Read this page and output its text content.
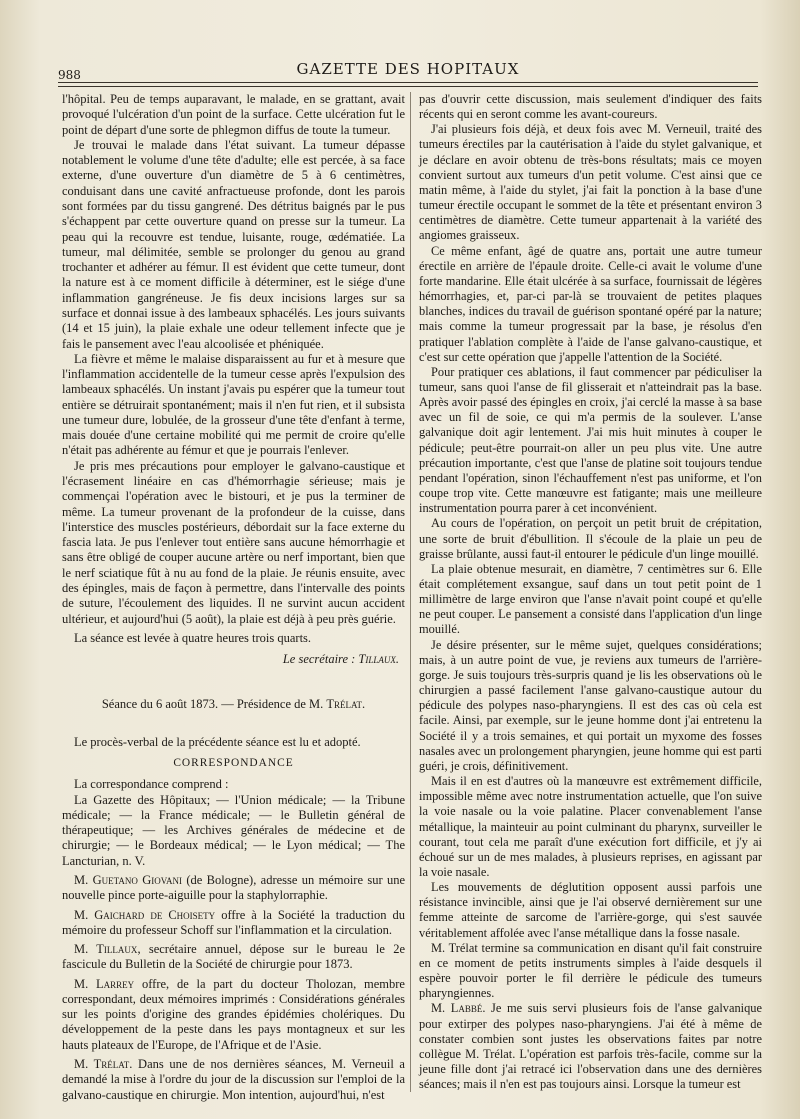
988	GAZETTE DES HOPITAUX

l'hôpital. Peu de temps auparavant, le malade, en se grattant, avait provoqué l'ulcération d'un point de la surface. Cette ulcération fut le point de départ d'une sorte de phlegmon diffus de toute la tumeur.

Je trouvai le malade dans l'état suivant. La tumeur dépasse notablement le volume d'une tête d'adulte; elle est percée, à sa face externe, d'une ouverture d'un diamètre de 5 à 6 centimètres, conduisant dans une cavité anfractueuse profonde, dont les parois sont formées par du tissu gangrené. Des détritus baignés par le pus s'échappent par cette ouverture quand on presse sur la tumeur. La peau qui la recouvre est tendue, luisante, rouge, œdématiée. La tumeur, mal délimitée, semble se prolonger du genou au grand trochanter et adhérer au fémur. Il est évident que cette tumeur, dont la nature est à ce moment difficile à déterminer, est le siége d'une inflammation gangréneuse. Je fis deux incisions larges sur sa surface et donnai issue à des lambeaux sphacélés. Les jours suivants (14 et 15 juin), la plaie exhale une odeur tellement infecte que je fais le pansement avec l'eau alcoolisée et phéniquée.

La fièvre et même le malaise disparaissent au fur et à mesure que l'inflammation accidentelle de la tumeur cesse après l'expulsion des lambeaux sphacélés. Un instant j'avais pu espérer que la tumeur tout entière se détruirait spontanément; mais il n'en fut rien, et il subsista une tumeur dure, lobulée, de la grosseur d'une tête d'enfant à terme, mais douée d'une certaine mobilité qui me permit de croire qu'elle n'était pas adhérente au fémur et que je pourrais l'enlever.

Je pris mes précautions pour employer le galvano-caustique et l'écrasement linéaire en cas d'hémorrhagie sérieuse; mais je commençai l'opération avec le bistouri, et je pus la terminer de même. La tumeur provenant de la profondeur de la cuisse, dans l'interstice des muscles postérieurs, débordait sur la face externe du fascia lata. Je pus l'enlever tout entière sans aucune hémorrhagie et sans être obligé de couper aucune artère ou nerf important, bien que le nerf sciatique fût à nu au fond de la plaie. Je réunis ensuite, avec des épingles, mais de façon à permettre, dans l'intervalle des points de suture, l'écoulement des liquides. Il ne survint aucun accident ultérieur, et aujourd'hui (5 août), la plaie est déjà à peu près guérie.

La séance est levée à quatre heures trois quarts.

Le secrétaire : Tillaux.

Séance du 6 août 1873. — Présidence de M. Trélat.

Le procès-verbal de la précédente séance est lu et adopté.

CORRESPONDANCE

La correspondance comprend :

La Gazette des Hôpitaux; — l'Union médicale; — la Tribune médicale; — la France médicale; — le Bulletin général de thérapeutique; — les Archives générales de médecine et de chirurgie; — le Bordeaux médical; — le Lyon médical; — The Lancturian, n. V.

M. Guetano Giovani (de Bologne), adresse un mémoire sur une nouvelle pince porte-aiguille pour la staphylorraphie.

M. Gaichard de Choisety offre à la Société la traduction du mémoire du professeur Schoff sur l'inflammation et la circulation.

M. Tillaux, secrétaire annuel, dépose sur le bureau le 2e fascicule du Bulletin de la Société de chirurgie pour 1873.

M. Larrey offre, de la part du docteur Tholozan, membre correspondant, deux mémoires imprimés : Considérations générales sur les points d'origine des grandes épidémies cholériques. Du développement de la peste dans les pays montagneux et sur les hauts plateaux de l'Europe, de l'Afrique et de l'Asie.

M. Trélat. Dans une de nos dernières séances, M. Verneuil a demandé la mise à l'ordre du jour de la discussion sur l'emploi de la galvano-caustique en chirurgie. Mon intention, aujourd'hui, n'est

pas d'ouvrir cette discussion, mais seulement d'indiquer des faits récents qui en seront comme les avant-coureurs.

J'ai plusieurs fois déjà, et deux fois avec M. Verneuil, traité des tumeurs érectiles par la cautérisation à l'aide du stylet galvanique, et je déclare en avoir obtenu de très-bons résultats; mais ce moyen convient surtout aux tumeurs d'un petit volume. C'est ainsi que ce matin même, à l'aide du stylet, j'ai fait la ponction à la base d'une tumeur érectile occupant le sommet de la tête et présentant environ 3 centimètres de diamètre. Cette tumeur appartenait à la variété des angiomes graisseux.

Ce même enfant, âgé de quatre ans, portait une autre tumeur érectile en arrière de l'épaule droite. Celle-ci avait le volume d'une forte mandarine. Elle était ulcérée à sa surface, fournissait de légères hémorrhagies, et, par-ci par-là se trouvaient de petites plaques blanches, indices du travail de guérison spontané opéré par la nature; mais comme la tumeur progressait par la base, je résolus d'en pratiquer l'ablation complète à l'aide de l'anse galvano-caustique, et c'est sur cette opération que j'appelle l'attention de la Société.

Pour pratiquer ces ablations, il faut commencer par pédiculiser la tumeur, sans quoi l'anse de fil glisserait et n'atteindrait pas la base. Après avoir passé des épingles en croix, j'ai cerclé la masse à sa base avec un fil de soie, ce qui m'a permis de la soulever. L'anse galvanique doit agir lentement. J'ai mis huit minutes à couper le pédicule; peut-être pourrait-on aller un peu plus vite. Une autre précaution importante, c'est que l'anse de platine soit toujours tendue pendant l'opération, sinon l'échauffement n'est pas uniforme, et l'on coupe trop vite. Cette manœuvre est fatigante; mais une meilleure instrumentation pourra parer à cet inconvénient.

Au cours de l'opération, on perçoit un petit bruit de crépitation, une sorte de bruit d'ébullition. Il s'écoule de la plaie un peu de graisse brûlante, aussi faut-il entourer le pédicule d'un linge mouillé.

La plaie obtenue mesurait, en diamètre, 7 centimètres sur 6. Elle était complétement exsangue, sauf dans un tout petit point de 1 millimètre de large environ que l'anse n'avait point coupé et qu'elle ne peut couper. Le pansement a consisté dans l'application d'un linge mouillé.

Je désire présenter, sur le même sujet, quelques considérations; mais, à un autre point de vue, je reviens aux tumeurs de l'arrière-gorge. Je suis toujours très-surpris quand je lis les observations où le chirurgien a passé facilement l'anse galvano-caustique autour du pédicule des polypes naso-pharyngiens. Il est des cas où cela est facile. Ainsi, par exemple, sur le jeune homme dont j'ai entretenu la Société il y a trois semaines, et qui portait un myxome des fosses nasales avec un prolongement pharyngien, jeune homme qui est parti guéri, je crois, définitivement.

Mais il en est d'autres où la manœuvre est extrêmement difficile, impossible même avec notre instrumentation actuelle, que l'on suive la voie nasale ou la voie palatine. Placer convenablement l'anse métallique, la mainteuir au point culminant du pharynx, surveiller le courant, tout cela me paraît d'une exécution fort difficile, et j'y ai échoué sur un de mes malades, à plusieurs reprises, en agissant par la voie nasale.

Les mouvements de déglutition opposent aussi parfois une résistance invincible, ainsi que je l'ai observé dernièrement sur une femme atteinte de sarcome de l'arrière-gorge, qui s'est sauvée véritablement affolée avec l'anse métallique dans la fosse nasale.

M. Trélat termine sa communication en disant qu'il fait construire en ce moment de petits instruments simples à l'aide desquels il espère pouvoir porter le fil derrière le pédicule des tumeurs pharyngiennes.

M. Labbé. Je me suis servi plusieurs fois de l'anse galvanique pour extirper des polypes naso-pharyngiens. J'ai été à même de constater combien sont justes les observations faites par notre collègue M. Trélat. L'opération est parfois très-facile, comme sur la jeune fille dont j'ai retracé ici l'observation dans une des dernières séances; mais il n'en est pas toujours ainsi. Lorsque la tumeur est
